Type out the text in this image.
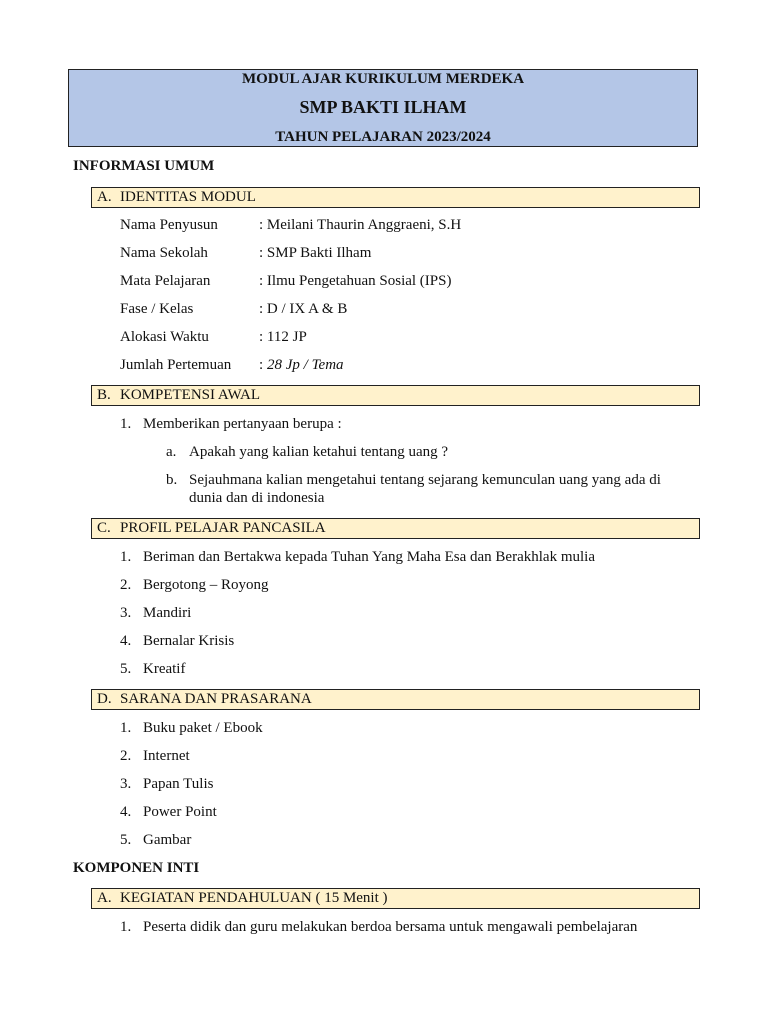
MODUL AJAR KURIKULUM MERDEKA
SMP BAKTI ILHAM
TAHUN PELAJARAN 2023/2024
INFORMASI UMUM
A. IDENTITAS MODUL
Nama Penyusun	: Meilani Thaurin Anggraeni, S.H
Nama Sekolah	: SMP Bakti Ilham
Mata Pelajaran	: Ilmu Pengetahuan Sosial (IPS)
Fase / Kelas	: D / IX A & B
Alokasi Waktu	: 112 JP
Jumlah Pertemuan : 28 Jp / Tema
B. KOMPETENSI AWAL
1. Memberikan pertanyaan berupa :
a. Apakah yang kalian ketahui tentang uang ?
b. Sejauhmana kalian mengetahui tentang sejarang kemunculan uang yang ada di
dunia dan di indonesia
C. PROFIL PELAJAR PANCASILA
1. Beriman dan Bertakwa kepada Tuhan Yang Maha Esa dan Berakhlak mulia
2. Bergotong – Royong
3. Mandiri
4. Bernalar Krisis
5. Kreatif
D. SARANA DAN PRASARANA
1. Buku paket / Ebook
2. Internet
3. Papan Tulis
4. Power Point
5. Gambar
KOMPONEN INTI
A. KEGIATAN PENDAHULUAN ( 15 Menit )
1. Peserta didik dan guru melakukan berdoa bersama untuk mengawali pembelajaran
